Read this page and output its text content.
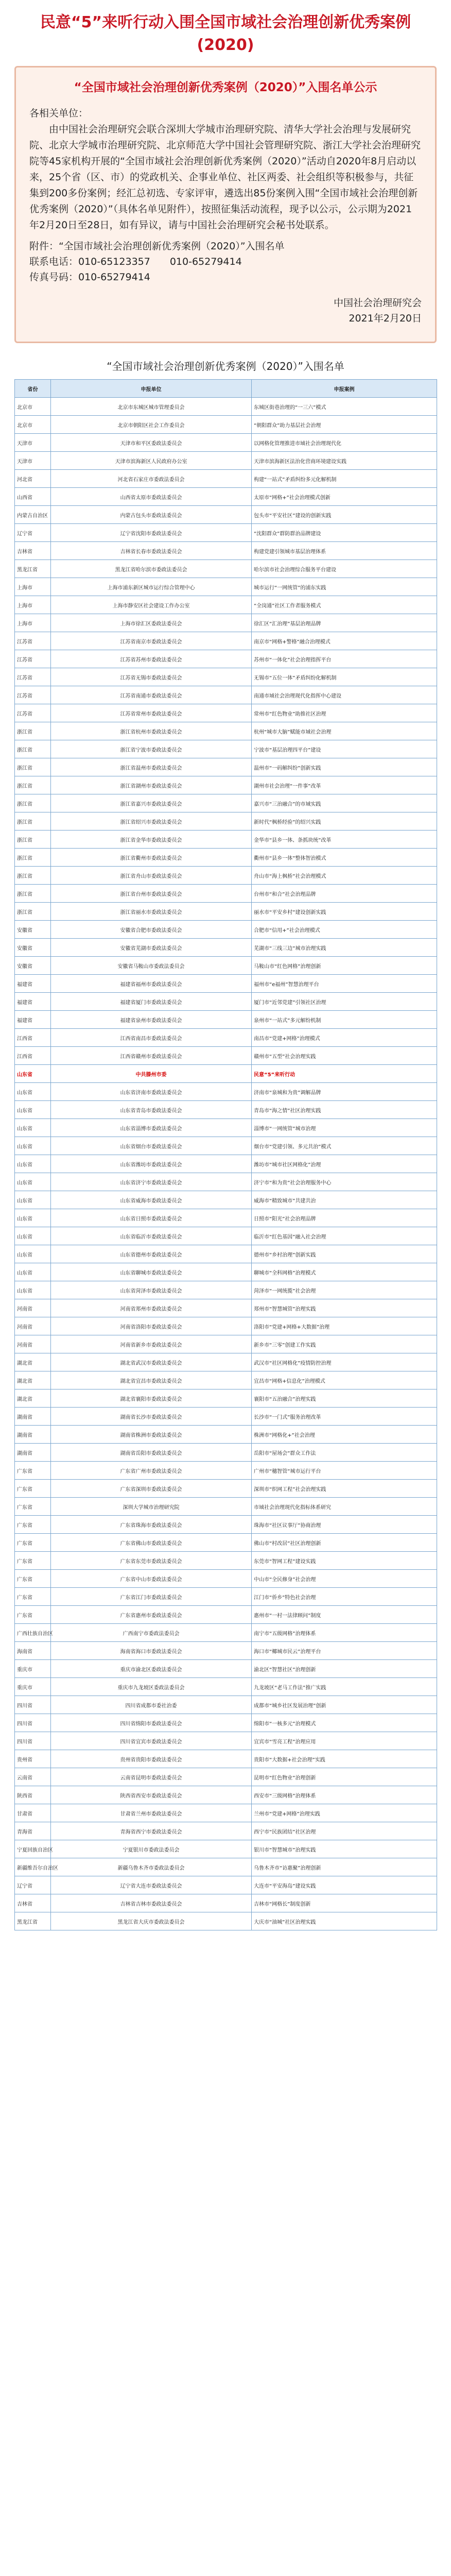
民意“5”来听行动入围全国市域社会治理创新优秀案例(2020)
“全国市域社会治理创新优秀案例（2020）”入围名单公示

各相关单位：

由中国社会治理研究会联合深圳大学城市治理研究院、清华大学社会治理与发展研究院、北京大学城市治理研究院、北京师范大学中国社会管理研究院、浙江大学社会治理研究院等45家机构开展的“全国市域社会治理创新优秀案例（2020）”活动自2020年8月启动以来，25个省（区、市）的党政机关、企事业单位、社区两委、社会组织等积极参与，共征集到200多份案例；经汇总初选、专家评审，遴选出85份案例入围“全国市域社会治理创新优秀案例（2020）”（具体名单见附件），按照征集活动流程，现予以公示，公示期为2021年2月20日至28日，如有异议，请与中国社会治理研究会秘书处联系。

附件：“全国市域社会治理创新优秀案例（2020）”入围名单
联系电话：010-65123357　　010-65279414
传真号码：010-65279414
中国社会治理研究会
2021年2月20日
“全国市域社会治理创新优秀案例（2020）”入围名单
省份	申报单位	申报案例
北京市	北京市东城区城市管理委员会	东城区街巷治理的“一三六”模式
北京市	北京市朝阳区社会工作委员会	“朝阳群众”助力基层社会治理
天津市	天津市和平区委政法委员会	以网格化管理推进市域社会治理现代化
天津市	天津市滨海新区人民政府办公室	天津市滨海新区法治化营商环境建设实践
河北省	河北省石家庄市委政法委员会	构建“一站式”矛盾纠纷多元化解机制
山西省	山西省太原市委政法委员会	太原市“网格+”社会治理模式创新
内蒙古自治区	内蒙古包头市委政法委员会	包头市“平安社区”建设的创新实践
辽宁省	辽宁省沈阳市委政法委员会	“沈阳群众”群防群治品牌建设
吉林省	吉林省长春市委政法委员会	构建党建引领城市基层治理体系
黑龙江省	黑龙江省哈尔滨市委政法委员会	哈尔滨市社会治理综合服务平台建设
上海市	上海市浦东新区城市运行综合管理中心	城市运行“一网统管”的浦东实践
上海市	上海市静安区社会建设工作办公室	“全岗通”社区工作者服务模式
上海市	上海市徐汇区委政法委员会	徐汇区“汇治理”基层治理品牌
江苏省	江苏省南京市委政法委员会	南京市“网格+警格”融合治理模式
江苏省	江苏省苏州市委政法委员会	苏州市“一体化”社会治理指挥平台
江苏省	江苏省无锡市委政法委员会	无锡市“五位一体”矛盾纠纷化解机制
江苏省	江苏省南通市委政法委员会	南通市域社会治理现代化指挥中心建设
江苏省	江苏省常州市委政法委员会	常州市“红色物业”助推社区治理
浙江省	浙江省杭州市委政法委员会	杭州“城市大脑”赋能市域社会治理
浙江省	浙江省宁波市委政法委员会	宁波市“基层治理四平台”建设
浙江省	浙江省温州市委政法委员会	温州市“一码解纠纷”创新实践
浙江省	浙江省湖州市委政法委员会	湖州市社会治理“一件事”改革
浙江省	浙江省嘉兴市委政法委员会	嘉兴市“三治融合”的市域实践
浙江省	浙江省绍兴市委政法委员会	新时代“枫桥经验”的绍兴实践
浙江省	浙江省金华市委政法委员会	金华市“县乡一体、条抓块统”改革
浙江省	浙江省衢州市委政法委员会	衢州市“县乡一体”整体智治模式
浙江省	浙江省舟山市委政法委员会	舟山市“海上枫桥”社会治理模式
浙江省	浙江省台州市委政法委员会	台州市“和合”社会治理品牌
浙江省	浙江省丽水市委政法委员会	丽水市“平安乡村”建设创新实践
安徽省	安徽省合肥市委政法委员会	合肥市“信用+”社会治理模式
安徽省	安徽省芜湖市委政法委员会	芜湖市“三线三边”城市治理实践
安徽省	安徽省马鞍山市委政法委员会	马鞍山市“红色网格”治理创新
福建省	福建省福州市委政法委员会	福州市“e福州”智慧治理平台
福建省	福建省厦门市委政法委员会	厦门市“近邻党建”引领社区治理
福建省	福建省泉州市委政法委员会	泉州市“一站式”多元解纷机制
江西省	江西省南昌市委政法委员会	南昌市“党建+网格”治理模式
江西省	江西省赣州市委政法委员会	赣州市“五型”社会治理实践
山东省	中共滕州市委	民意“5”来听行动
山东省	山东省济南市委政法委员会	济南市“泉城和为贵”调解品牌
山东省	山东省青岛市委政法委员会	青岛市“海之情”社区治理实践
山东省	山东省淄博市委政法委员会	淄博市“一网统管”城市治理
山东省	山东省烟台市委政法委员会	烟台市“党建引领、多元共治”模式
山东省	山东省潍坊市委政法委员会	潍坊市“城市社区网格化”治理
山东省	山东省济宁市委政法委员会	济宁市“和为贵”社会治理服务中心
山东省	山东省威海市委政法委员会	威海市“精致城市”共建共治
山东省	山东省日照市委政法委员会	日照市“阳光”社会治理品牌
山东省	山东省临沂市委政法委员会	临沂市“红色基因”融入社会治理
山东省	山东省德州市委政法委员会	德州市“乡村治理”创新实践
山东省	山东省聊城市委政法委员会	聊城市“全科网格”治理模式
山东省	山东省菏泽市委政法委员会	菏泽市“一网统揽”社会治理
河南省	河南省郑州市委政法委员会	郑州市“智慧城管”治理实践
河南省	河南省洛阳市委政法委员会	洛阳市“党建+网格+大数据”治理
河南省	河南省新乡市委政法委员会	新乡市“三零”创建工作实践
湖北省	湖北省武汉市委政法委员会	武汉市“社区网格化”疫情防控治理
湖北省	湖北省宜昌市委政法委员会	宜昌市“网格+信息化”治理模式
湖北省	湖北省襄阳市委政法委员会	襄阳市“五治融合”治理实践
湖南省	湖南省长沙市委政法委员会	长沙市“一门式”服务治理改革
湖南省	湖南省株洲市委政法委员会	株洲市“网格化+”社会治理
湖南省	湖南省岳阳市委政法委员会	岳阳市“屋场会”群众工作法
广东省	广东省广州市委政法委员会	广州市“穗智管”城市运行平台
广东省	广东省深圳市委政法委员会	深圳市“织网工程”社会治理实践
广东省	深圳大学城市治理研究院	市域社会治理现代化指标体系研究
广东省	广东省珠海市委政法委员会	珠海市“社区议事厅”协商治理
广东省	广东省佛山市委政法委员会	佛山市“村改居”社区治理创新
广东省	广东省东莞市委政法委员会	东莞市“智网工程”建设实践
广东省	广东省中山市委政法委员会	中山市“全民修身”社会治理
广东省	广东省江门市委政法委员会	江门市“侨乡”特色社会治理
广东省	广东省惠州市委政法委员会	惠州市“一村一法律顾问”制度
广西壮族自治区	广西南宁市委政法委员会	南宁市“五级网格”治理体系
海南省	海南省海口市委政法委员会	海口市“椰城市民云”治理平台
重庆市	重庆市渝北区委政法委员会	渝北区“智慧社区”治理创新
重庆市	重庆市九龙坡区委政法委员会	九龙坡区“老马工作法”推广实践
四川省	四川省成都市委社治委	成都市“城乡社区发展治理”创新
四川省	四川省绵阳市委政法委员会	绵阳市“一核多元”治理模式
四川省	四川省宜宾市委政法委员会	宜宾市“雪亮工程”治理应用
贵州省	贵州省贵阳市委政法委员会	贵阳市“大数据+社会治理”实践
云南省	云南省昆明市委政法委员会	昆明市“红色物业”治理创新
陕西省	陕西省西安市委政法委员会	西安市“三级网格”治理体系
甘肃省	甘肃省兰州市委政法委员会	兰州市“党建+网格”治理实践
青海省	青海省西宁市委政法委员会	西宁市“民族团结”社区治理
宁夏回族自治区	宁夏银川市委政法委员会	银川市“智慧城市”治理实践
新疆维吾尔自治区	新疆乌鲁木齐市委政法委员会	乌鲁木齐市“访惠聚”治理创新
辽宁省	辽宁省大连市委政法委员会	大连市“平安海岛”建设实践
吉林省	吉林省吉林市委政法委员会	吉林市“网格长”制度创新
黑龙江省	黑龙江省大庆市委政法委员会	大庆市“油城”社区治理实践
